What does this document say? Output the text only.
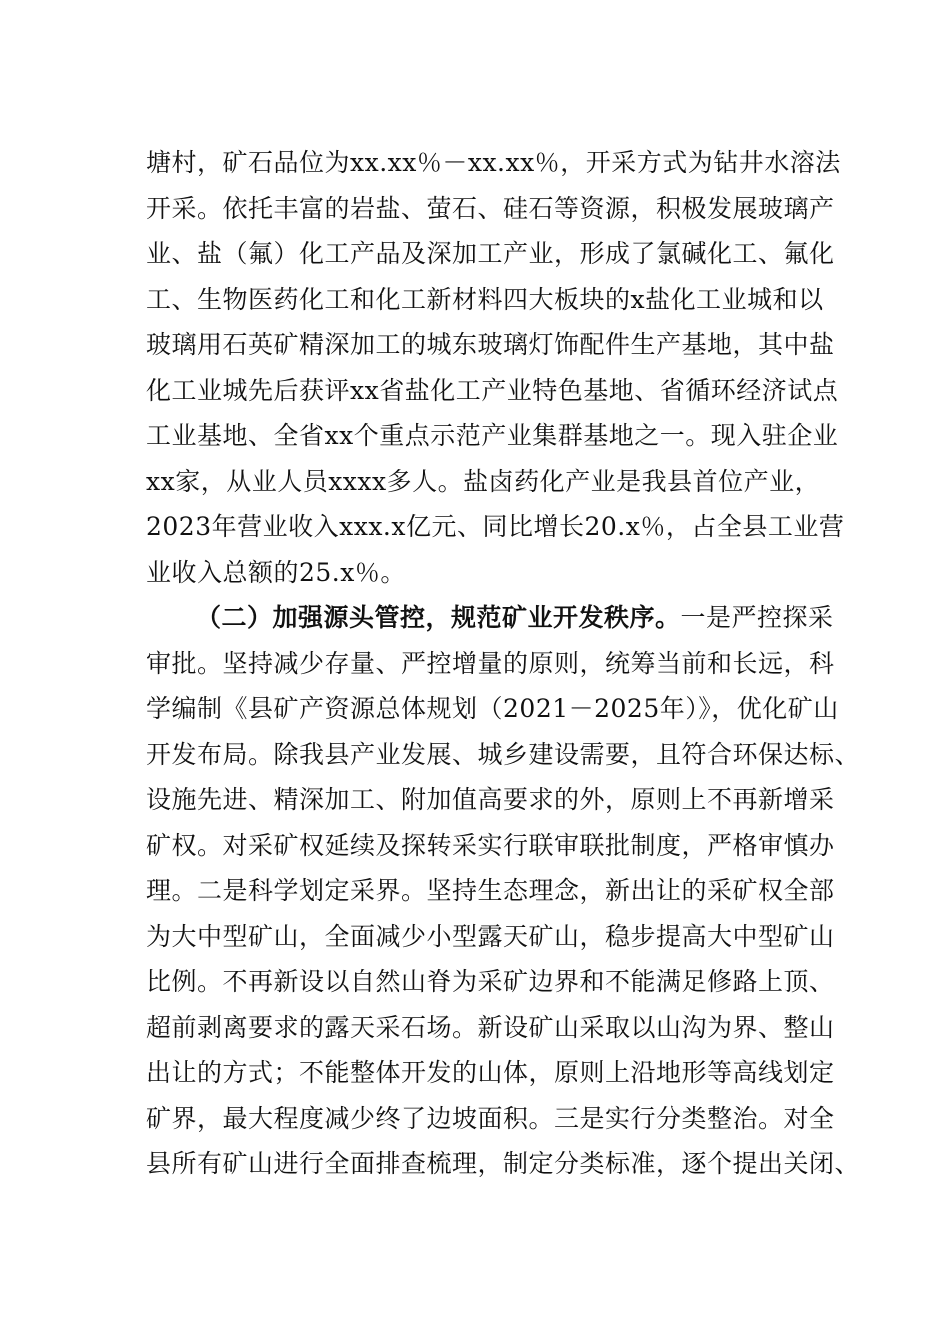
塘村，矿石品位为xx.xx％－xx.xx％，开采方式为钻井水溶法
开采。依托丰富的岩盐、萤石、硅石等资源，积极发展玻璃产
业、盐（氟）化工产品及深加工产业，形成了氯碱化工、氟化
工、生物医药化工和化工新材料四大板块的x盐化工业城和以
玻璃用石英矿精深加工的城东玻璃灯饰配件生产基地，其中盐
化工业城先后获评xx省盐化工产业特色基地、省循环经济试点
工业基地、全省xx个重点示范产业集群基地之一。现入驻企业
xx家，从业人员xxxx多人。盐卤药化产业是我县首位产业，
2023年营业收入xxx.x亿元、同比增长20.x％，占全县工业营
业收入总额的25.x％。
（二）加强源头管控，规范矿业开发秩序。一是严控探采
审批。坚持减少存量、严控增量的原则，统筹当前和长远，科
学编制《县矿产资源总体规划（2021－2025年）》，优化矿山
开发布局。除我县产业发展、城乡建设需要，且符合环保达标、
设施先进、精深加工、附加值高要求的外，原则上不再新增采
矿权。对采矿权延续及探转采实行联审联批制度，严格审慎办
理。二是科学划定采界。坚持生态理念，新出让的采矿权全部
为大中型矿山，全面减少小型露天矿山，稳步提高大中型矿山
比例。不再新设以自然山脊为采矿边界和不能满足修路上顶、
超前剥离要求的露天采石场。新设矿山采取以山沟为界、整山
出让的方式；不能整体开发的山体，原则上沿地形等高线划定
矿界，最大程度减少终了边坡面积。三是实行分类整治。对全
县所有矿山进行全面排查梳理，制定分类标准，逐个提出关闭、
